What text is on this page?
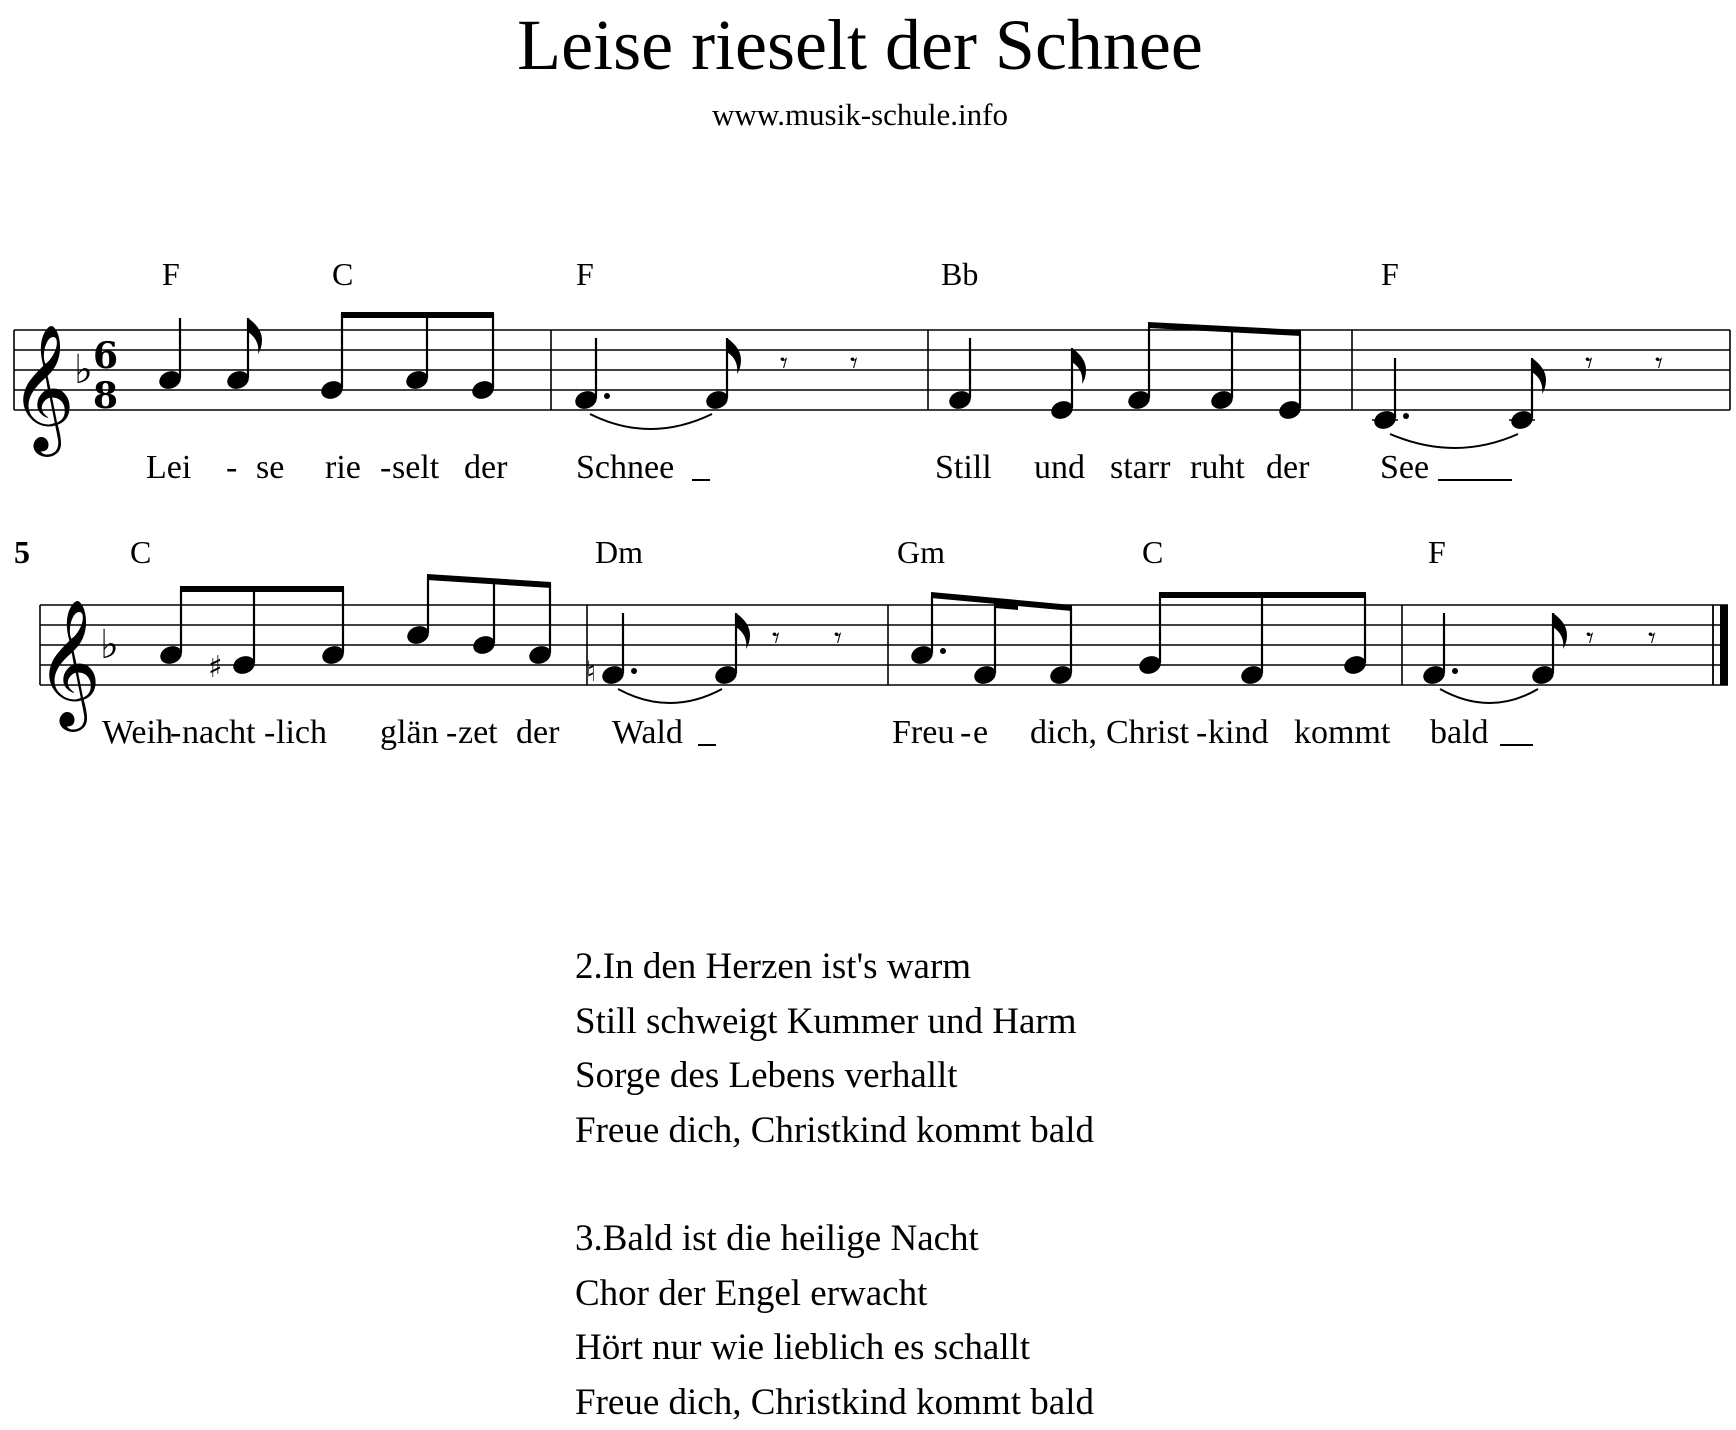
Leise rieselt der Schnee
www.musik-schule.info
𝄞
♭ 6
8
F	C	F	Bb	F
𝄾 𝄾	𝄾 𝄾
Lei - se rie - selt der Schnee	Still und starr ruht der See
5
𝄞
♭
C	Dm	Gm	C	F
♯	♮
𝄾 𝄾	𝄾 𝄾
Weih
- nacht - lich glän - zet der Wald	Freu - e dich, Christ - kind kommt bald
2.In den Herzen ist's warm
Still schweigt Kummer und Harm
Sorge des Lebens verhallt
Freue dich, Christkind kommt bald
3.Bald ist die heilige Nacht
Chor der Engel erwacht
Hört nur wie lieblich es schallt
Freue dich, Christkind kommt bald
